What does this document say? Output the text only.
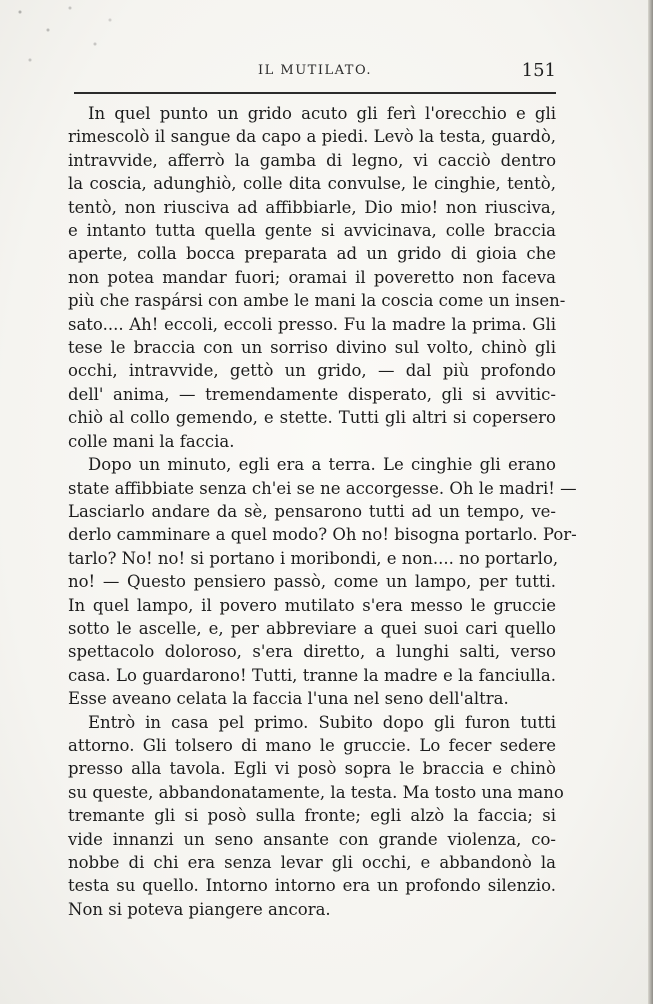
IL MUTILATO.	151
In quel punto un grido acuto gli ferì l'orecchio e gli
rimescolò il sangue da capo a piedi. Levò la testa, guardò,
intravvide, afferrò la gamba di legno, vi cacciò dentro
la coscia, adunghiò, colle dita convulse, le cinghie, tentò,
tentò, non riusciva ad affibbiarle, Dio mio! non riusciva,
e intanto tutta quella gente si avvicinava, colle braccia
aperte, colla bocca preparata ad un grido di gioia che
non potea mandar fuori; oramai il poveretto non faceva
più che raspársi con ambe le mani la coscia come un insen-
sato.... Ah! eccoli, eccoli presso. Fu la madre la prima. Gli
tese le braccia con un sorriso divino sul volto, chinò gli
occhi, intravvide, gettò un grido, — dal più profondo
dell' anima, — tremendamente disperato, gli si avvitic-
chiò al collo gemendo, e stette. Tutti gli altri si copersero
colle mani la faccia.
Dopo un minuto, egli era a terra. Le cinghie gli erano
state affibbiate senza ch'ei se ne accorgesse. Oh le madri! —
Lasciarlo andare da sè, pensarono tutti ad un tempo, ve-
derlo camminare a quel modo? Oh no! bisogna portarlo. Por-
tarlo? No! no! si portano i moribondi, e non.... no portarlo,
no! — Questo pensiero passò, come un lampo, per tutti.
In quel lampo, il povero mutilato s'era messo le gruccie
sotto le ascelle, e, per abbreviare a quei suoi cari quello
spettacolo doloroso, s'era diretto, a lunghi salti, verso
casa. Lo guardarono! Tutti, tranne la madre e la fanciulla.
Esse aveano celata la faccia l'una nel seno dell'altra.
Entrò in casa pel primo. Subito dopo gli furon tutti
attorno. Gli tolsero di mano le gruccie. Lo fecer sedere
presso alla tavola. Egli vi posò sopra le braccia e chinò
su queste, abbandonatamente, la testa. Ma tosto una mano
tremante gli si posò sulla fronte; egli alzò la faccia; si
vide innanzi un seno ansante con grande violenza, co-
nobbe di chi era senza levar gli occhi, e abbandonò la
testa su quello. Intorno intorno era un profondo silenzio.
Non si poteva piangere ancora.
